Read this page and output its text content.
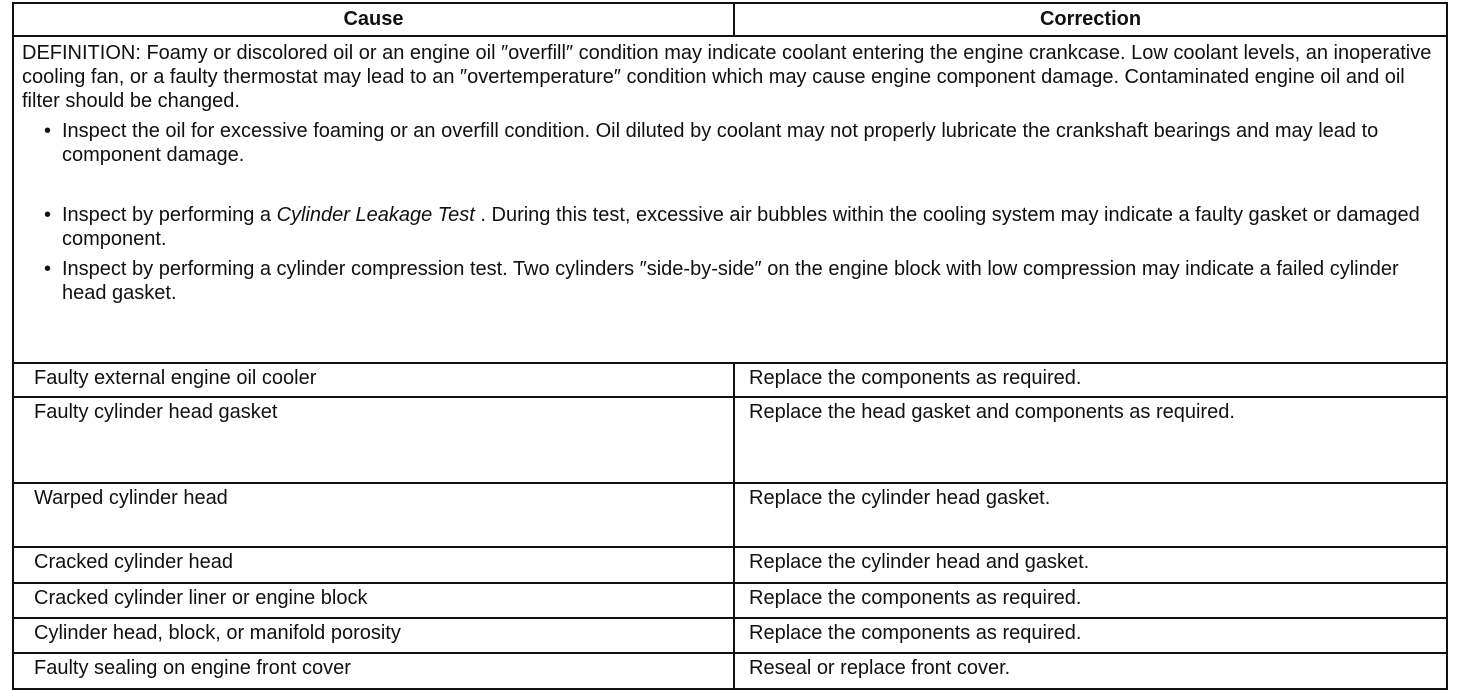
Cause	Correction

DEFINITION: Foamy or discolored oil or an engine oil ″overfill″ condition may indicate coolant entering the engine crankcase. Low coolant levels, an inoperative cooling fan, or a faulty thermostat may lead to an ″overtemperature″ condition which may cause engine component damage. Contaminated engine oil and oil filter should be changed.

• Inspect the oil for excessive foaming or an overfill condition. Oil diluted by coolant may not properly lubricate the crankshaft bearings and may lead to component damage.
• Inspect by performing a Cylinder Leakage Test . During this test, excessive air bubbles within the cooling system may indicate a faulty gasket or damaged component.
• Inspect by performing a cylinder compression test. Two cylinders ″side-by-side″ on the engine block with low compression may indicate a failed cylinder head gasket.
Faulty external engine oil cooler	Replace the components as required.
Faulty cylinder head gasket	Replace the head gasket and components as required.
Warped cylinder head	Replace the cylinder head gasket.
Cracked cylinder head	Replace the cylinder head and gasket.
Cracked cylinder liner or engine block	Replace the components as required.
Cylinder head, block, or manifold porosity	Replace the components as required.
Faulty sealing on engine front cover	Reseal or replace front cover.
